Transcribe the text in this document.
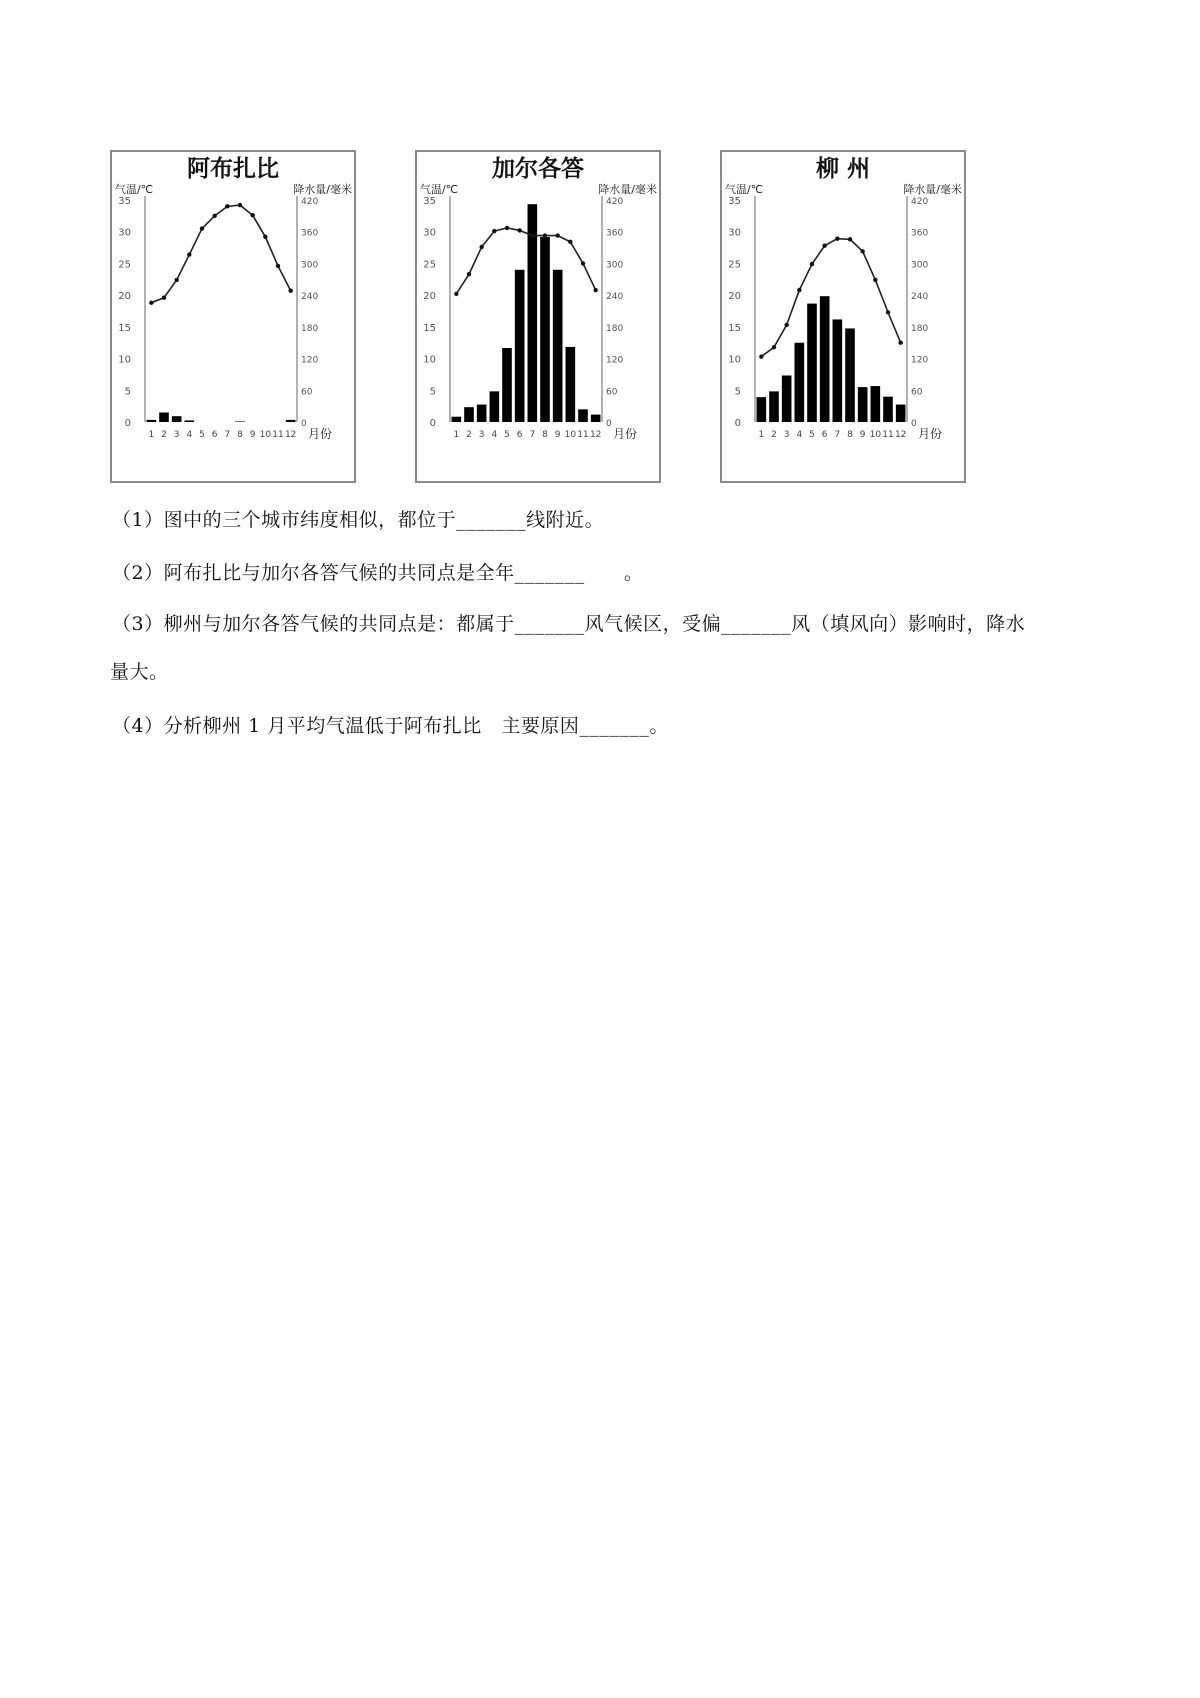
阿布扎比
气温/℃	降水量/毫米
35
30
25
20
15
10
5
0
420
360
300
240
180
120
60
0
1 2 3 4 5 6 7 8 9 10 11 12 月份
加尔各答
气温/℃	降水量/毫米
35
30
25
20
15
10
5
0
420
360
300
240
180
120
60
0
1 2 3 4 5 6 7 8 9 10 11 12 月份
柳 州
气温/℃	降水量/毫米
35
30
25
20
15
10
5
0
420
360
300
240
180
120
60
0
1 2 3 4 5 6 7 8 9 10 11 12 月份
（1）图中的三个城市纬度相似，都位于_______线附近。
（2）阿布扎比与加尔各答气候的共同点是全年_______      。
（3）柳州与加尔各答气候的共同点是：都属于_______风气候区，受偏_______风（填风向）影响时，降水
量大。
（4）分析柳州 1 月平均气温低于阿布扎比   主要原因_______。
